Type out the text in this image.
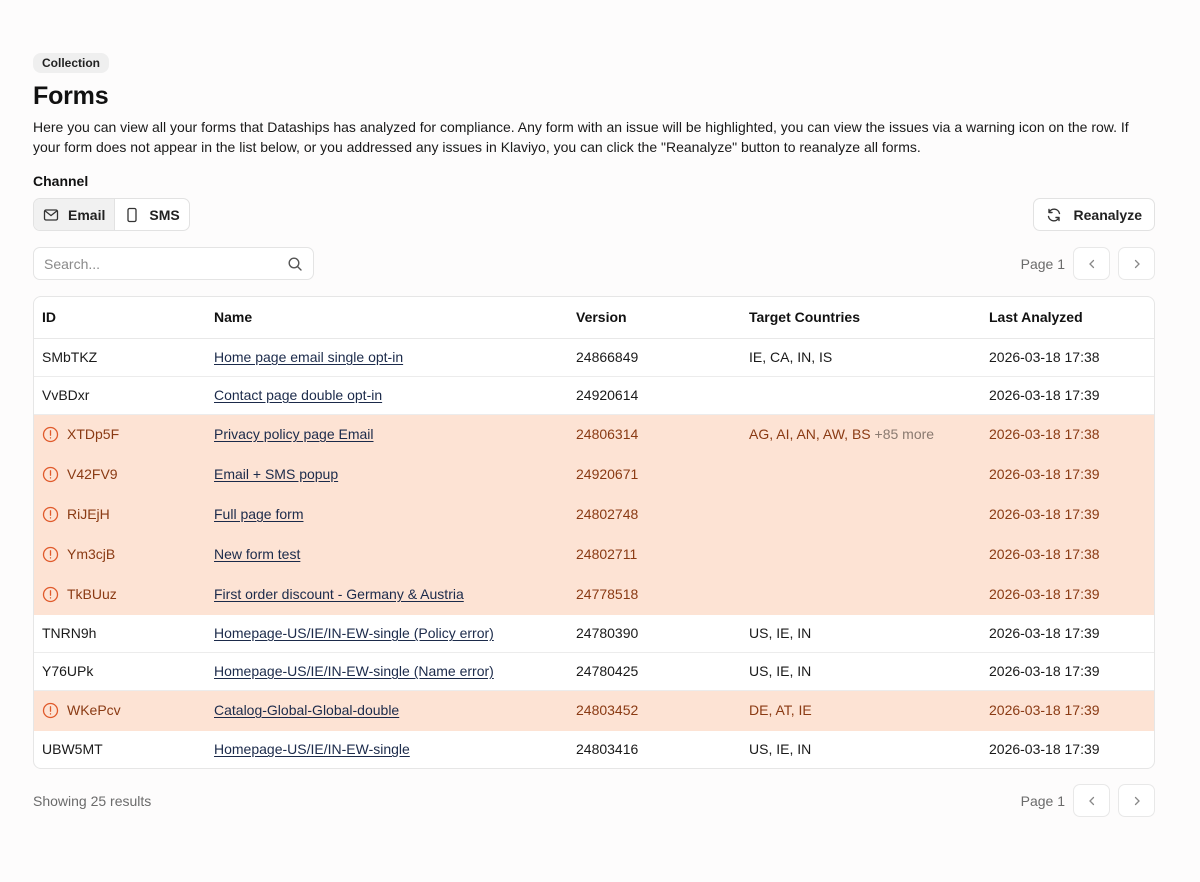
Collection
Forms

Here you can view all your forms that Dataships has analyzed for compliance. Any form with an issue will be highlighted, you can view the issues via a warning icon on the row. If your form does not appear in the list below, or you addressed any issues in Klaviyo, you can click the "Reanalyze" button to reanalyze all forms.

Channel
Email	SMS	Reanalyze
Search...
Page 1
ID	Name	Version	Target Countries	Last Analyzed

SMbTKZ	Home page email single opt-in	24866849	IE, CA, IN, IS	2026-03-18 17:38

VvBDxr	Contact page double opt-in	24920614		2026-03-18 17:39

XTDp5F	Privacy policy page Email	24806314	AG, AI, AN, AW, BS +85 more	2026-03-18 17:38

V42FV9	Email + SMS popup	24920671		2026-03-18 17:39

RiJEjH	Full page form	24802748		2026-03-18 17:39

Ym3cjB	New form test	24802711		2026-03-18 17:38

TkBUuz	First order discount - Germany & Austria	24778518		2026-03-18 17:39

TNRN9h	Homepage-US/IE/IN-EW-single (Policy error)	24780390	US, IE, IN	2026-03-18 17:39

Y76UPk	Homepage-US/IE/IN-EW-single (Name error)	24780425	US, IE, IN	2026-03-18 17:39

WKePcv	Catalog-Global-Global-double	24803452	DE, AT, IE	2026-03-18 17:39

UBW5MT	Homepage-US/IE/IN-EW-single	24803416	US, IE, IN	2026-03-18 17:39
Showing 25 results	Page 1
